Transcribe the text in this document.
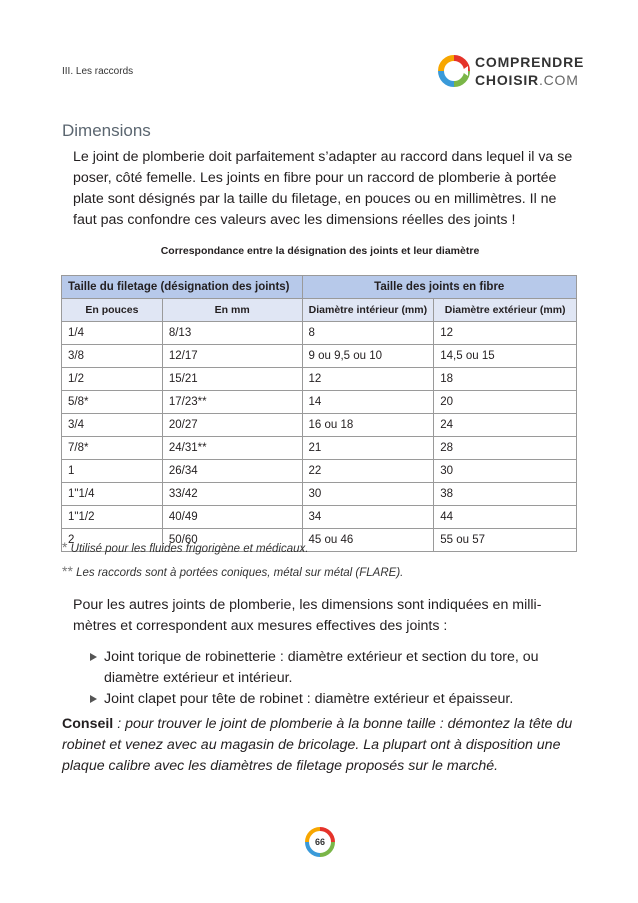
III. Les raccords
COMPRENDRE
CHOISIR.COM
Dimensions
Le joint de plomberie doit parfaitement s’adapter au raccord dans lequel il va se poser, côté femelle. Les joints en fibre pour un raccord de plomberie à portée plate sont désignés par la taille du filetage, en pouces ou en millimètres. Il ne faut pas confondre ces valeurs avec les dimensions réelles des joints !
Correspondance entre la désignation des joints et leur diamètre
Taille du filetage (désignation des joints)		Taille des joints en fibre	
En pouces	En mm	Diamètre intérieur (mm)	Diamètre extérieur (mm)
1/4	8/13	8	12
3/8	12/17	9 ou 9,5 ou 10	14,5 ou 15
1/2	15/21	12	18
5/8*	17/23**	14	20
3/4	20/27	16 ou 18	24
7/8*	24/31**	21	28
1	26/34	22	30
1"1/4	33/42	30	38
1"1/2	40/49	34	44
2	50/60	45 ou 46	55 ou 57
* Utilisé pour les fluides frigorigène et médicaux.
** Les raccords sont à portées coniques, métal sur métal (FLARE).
Pour les autres joints de plomberie, les dimensions sont indiquées en millimètres et correspondent aux mesures effectives des joints :
Joint torique de robinetterie : diamètre extérieur et section du tore, ou diamètre extérieur et intérieur.
Joint clapet pour tête de robinet : diamètre extérieur et épaisseur.
Conseil : pour trouver le joint de plomberie à la bonne taille : démontez la tête du robinet et venez avec au magasin de bricolage. La plupart ont à disposition une plaque calibre avec les diamètres de filetage proposés sur le marché.
66
